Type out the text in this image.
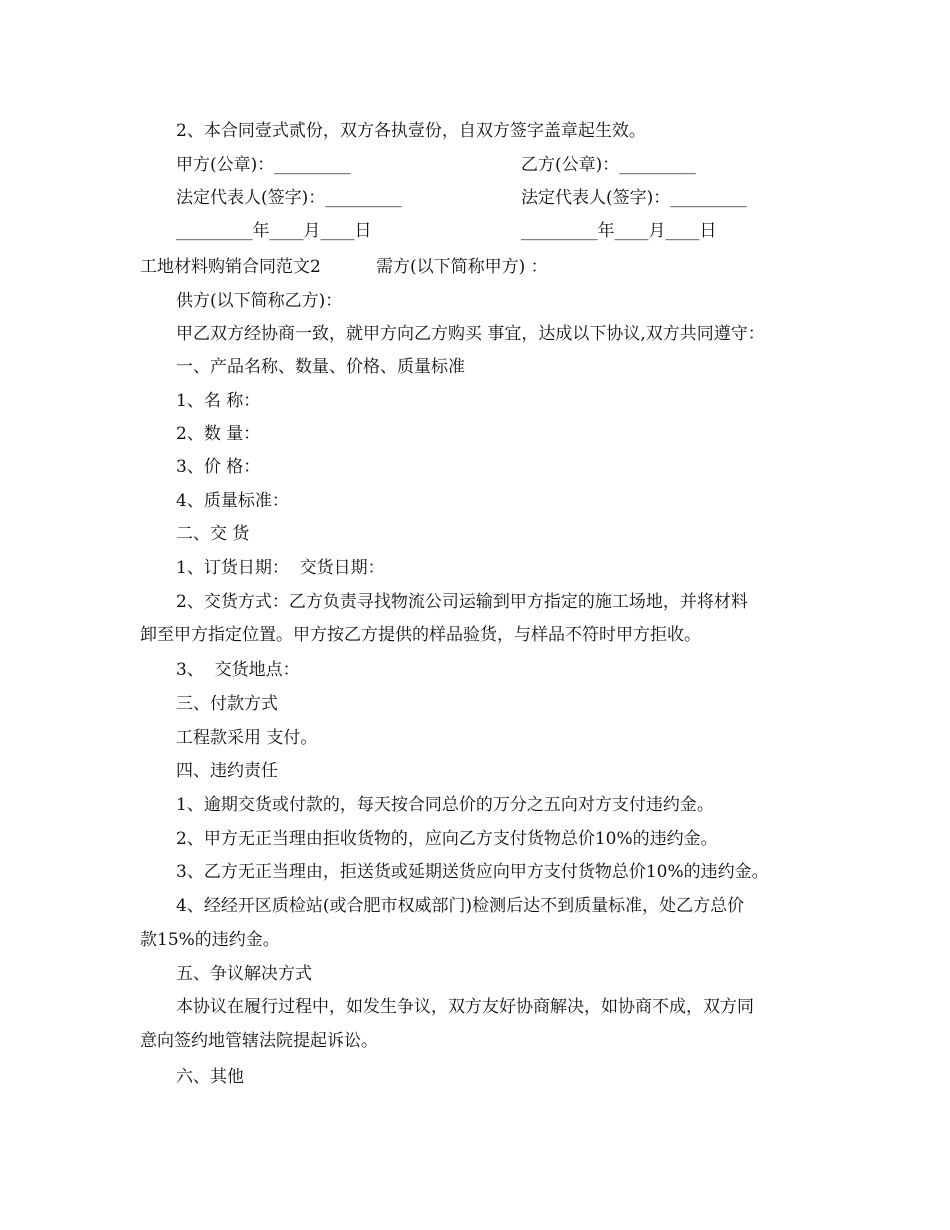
2、本合同壹式贰份，双方各执壹份，自双方签字盖章起生效。
甲方(公章)：_________	乙方(公章)：_________
法定代表人(签字)：_________	法定代表人(签字)：_________
_________年____月____日	_________年____月____日
工地材料购销合同范文2	需方(以下简称甲方) ：
供方(以下简称乙方)：
甲乙双方经协商一致，就甲方向乙方购买 事宜，达成以下协议,双方共同遵守：
一、产品名称、数量、价格、质量标准
1、名 称：
2、数 量：
3、价 格：
4、质量标准：
二、交 货
1、订货日期：  交货日期：
2、交货方式：乙方负责寻找物流公司运输到甲方指定的施工场地，并将材料
卸至甲方指定位置。甲方按乙方提供的样品验货，与样品不符时甲方拒收。
3、  交货地点：
三、付款方式
工程款采用 支付。
四、违约责任
1、逾期交货或付款的，每天按合同总价的万分之五向对方支付违约金。
2、甲方无正当理由拒收货物的，应向乙方支付货物总价10%的违约金。
3、乙方无正当理由，拒送货或延期送货应向甲方支付货物总价10%的违约金。
4、经经开区质检站(或合肥市权威部门)检测后达不到质量标准，处乙方总价
款15%的违约金。
五、争议解决方式
本协议在履行过程中，如发生争议，双方友好协商解决，如协商不成，双方同
意向签约地管辖法院提起诉讼。
六、其他
